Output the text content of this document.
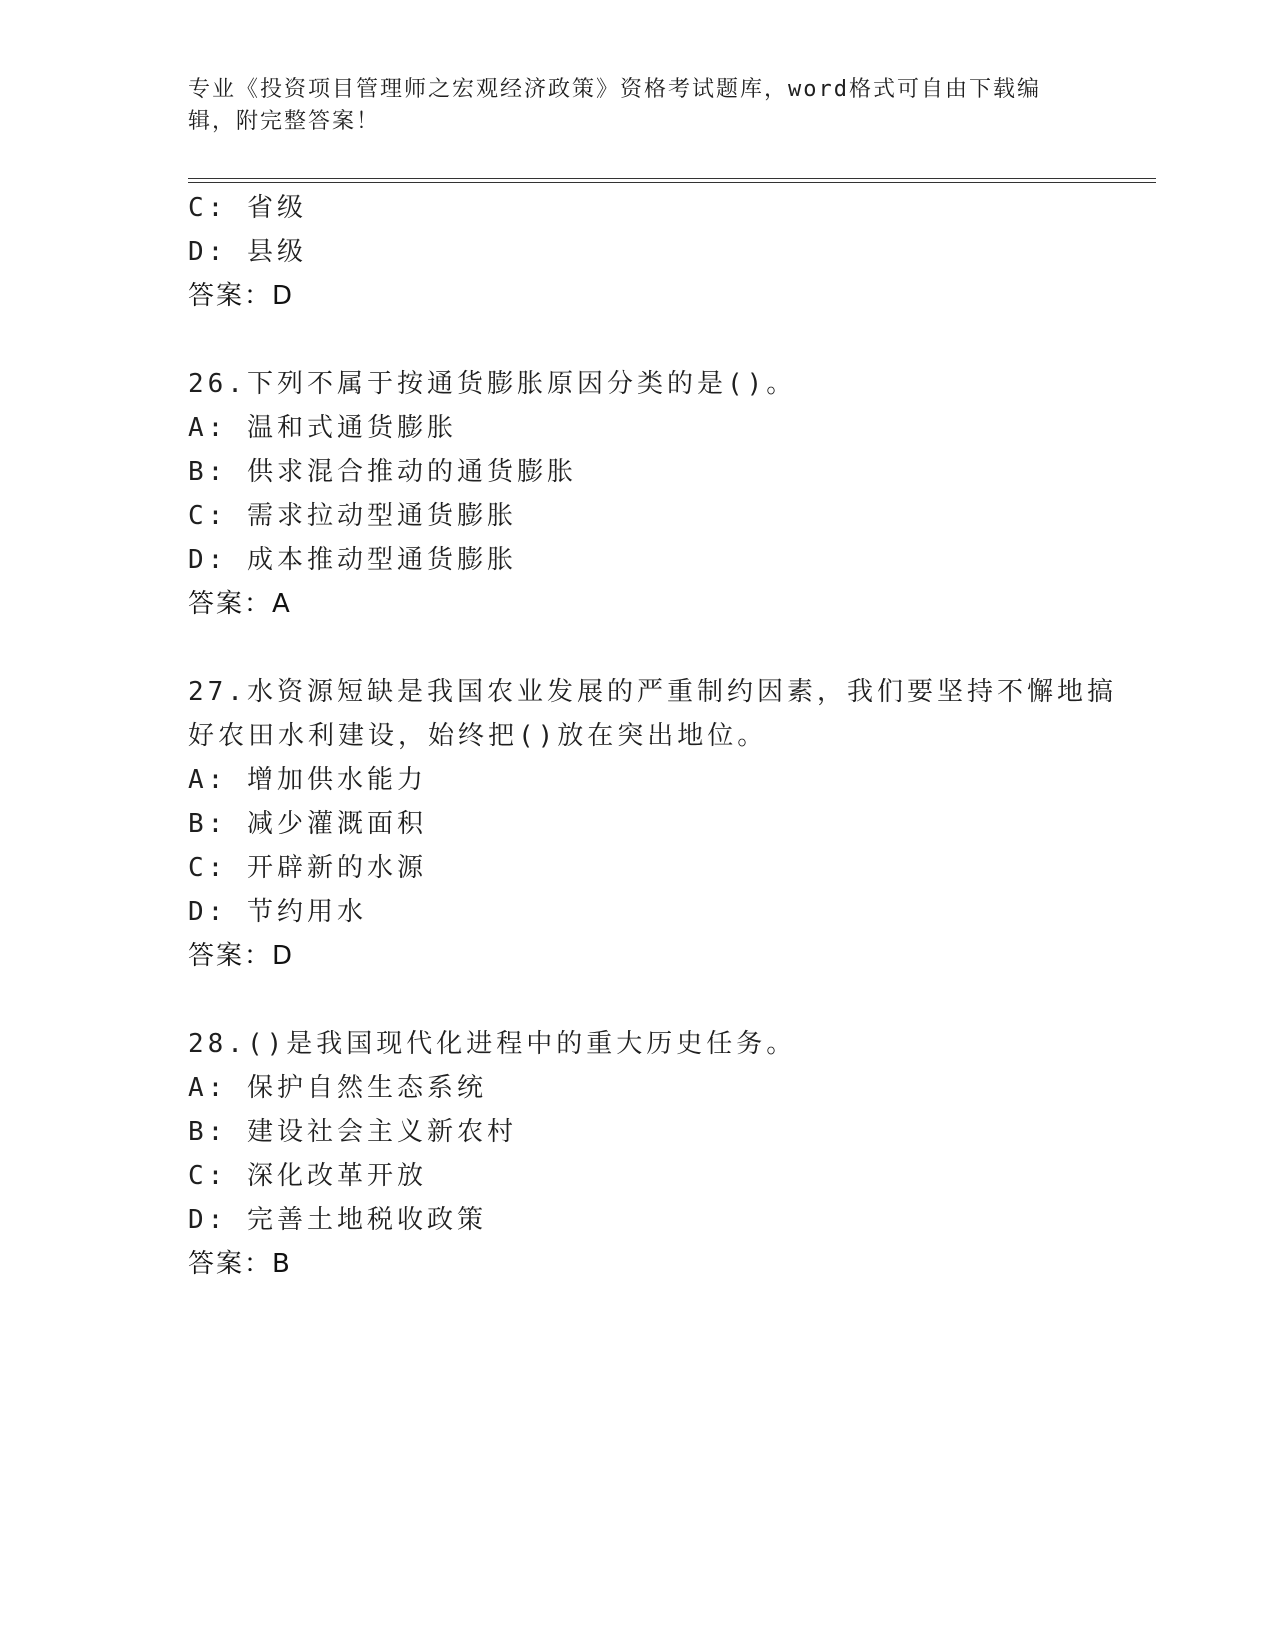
专业《投资项目管理师之宏观经济政策》资格考试题库，word格式可自由下载编
辑，附完整答案！
C: 省级
D: 县级
答案：D
26.下列不属于按通货膨胀原因分类的是()。
A: 温和式通货膨胀
B: 供求混合推动的通货膨胀
C: 需求拉动型通货膨胀
D: 成本推动型通货膨胀
答案：A
27.水资源短缺是我国农业发展的严重制约因素，我们要坚持不懈地搞
好农田水利建设，始终把()放在突出地位。
A: 增加供水能力
B: 减少灌溉面积
C: 开辟新的水源
D: 节约用水
答案：D
28.()是我国现代化进程中的重大历史任务。
A: 保护自然生态系统
B: 建设社会主义新农村
C: 深化改革开放
D: 完善土地税收政策
答案：B
